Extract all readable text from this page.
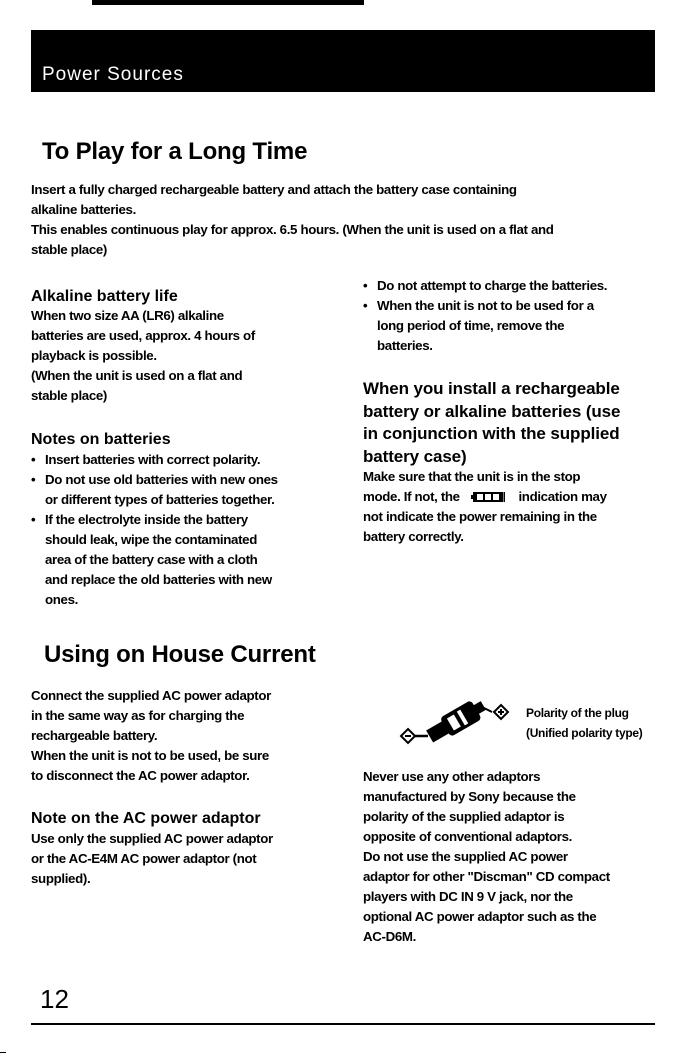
Power Sources
To Play for a Long Time

Insert a fully charged rechargeable battery and attach the battery case containing

alkaline batteries.

This enables continuous play for approx. 6.5 hours. (When the unit is used on a flat and

stable place)

Alkaline battery life

When two size AA (LR6) alkaline

batteries are used, approx. 4 hours of

playback is possible.

(When the unit is used on a flat and

stable place)

Notes on batteries

• Insert batteries with correct polarity.

• Do not use old batteries with new ones

or different types of batteries together.

• If the electrolyte inside the battery

should leak, wipe the contaminated

area of the battery case with a cloth

and replace the old batteries with new

ones.

• Do not attempt to charge the batteries.

• When the unit is not to be used for a

long period of time, remove the

batteries.

When you install a rechargeable
battery or alkaline batteries (use
in conjunction with the supplied
battery case)

Make sure that the unit is in the stop

mode. If not, the	indication may

not indicate the power remaining in the

battery correctly.

Using on House Current

Connect the supplied AC power adaptor

in the same way as for charging the

rechargeable battery.

When the unit is not to be used, be sure

to disconnect the AC power adaptor.

Note on the AC power adaptor

Use only the supplied AC power adaptor

or the AC-E4M AC power adaptor (not

supplied).

Polarity of the plug
(Unified polarity type)

Never use any other adaptors

manufactured by Sony because the

polarity of the supplied adaptor is

opposite of conventional adaptors.

Do not use the supplied AC power

adaptor for other "Discman" CD compact

players with DC IN 9 V jack, nor the

optional AC power adaptor such as the

AC-D6M.

12
